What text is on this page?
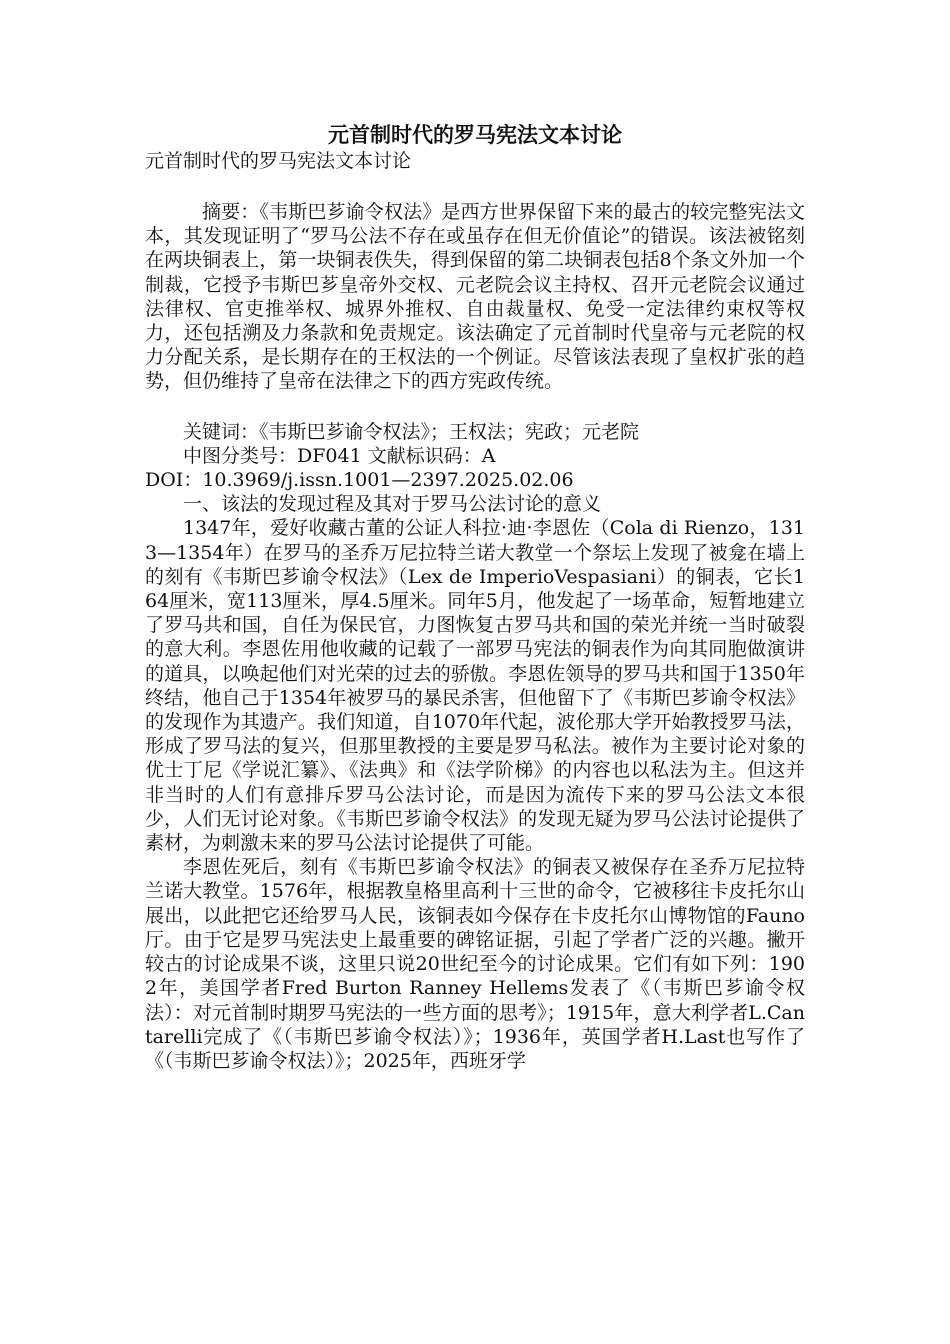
元首制时代的罗马宪法文本讨论
元首制时代的罗马宪法文本讨论

摘要：《韦斯巴芗谕令权法》是西方世界保留下来的最古的较完整宪法文本，其发现证明了“罗马公法不存在或虽存在但无价值论”的错误。该法被铭刻在两块铜表上，第一块铜表佚失，得到保留的第二块铜表包括8个条文外加一个制裁，它授予韦斯巴芗皇帝外交权、元老院会议主持权、召开元老院会议通过法律权、官吏推举权、城界外推权、自由裁量权、免受一定法律约束权等权力，还包括溯及力条款和免责规定。该法确定了元首制时代皇帝与元老院的权力分配关系，是长期存在的王权法的一个例证。尽管该法表现了皇权扩张的趋势，但仍维持了皇帝在法律之下的西方宪政传统。

关键词：《韦斯巴芗谕令权法》；王权法；宪政；元老院

中图分类号：DF041 文献标识码：A

DOI：10.3969/j.issn.1001—2397.2025.02.06

一、该法的发现过程及其对于罗马公法讨论的意义

1347年，爱好收藏古董的公证人科拉·迪·李恩佐（Cola di Rienzo，1313—1354年）在罗马的圣乔万尼拉特兰诺大教堂一个祭坛上发现了被龛在墙上的刻有《韦斯巴芗谕令权法》（Lex de ImperioVespasiani）的铜表，它长164厘米，宽113厘米，厚4.5厘米。同年5月，他发起了一场革命，短暂地建立了罗马共和国，自任为保民官，力图恢复古罗马共和国的荣光并统一当时破裂的意大利。李恩佐用他收藏的记载了一部罗马宪法的铜表作为向其同胞做演讲的道具，以唤起他们对光荣的过去的骄傲。李恩佐领导的罗马共和国于1350年终结，他自己于1354年被罗马的暴民杀害，但他留下了《韦斯巴芗谕令权法》的发现作为其遗产。我们知道，自1070年代起，波伦那大学开始教授罗马法，形成了罗马法的复兴，但那里教授的主要是罗马私法。被作为主要讨论对象的优士丁尼《学说汇纂》、《法典》和《法学阶梯》的内容也以私法为主。但这并非当时的人们有意排斥罗马公法讨论，而是因为流传下来的罗马公法文本很少，人们无讨论对象。《韦斯巴芗谕令权法》的发现无疑为罗马公法讨论提供了素材，为刺激未来的罗马公法讨论提供了可能。

李恩佐死后，刻有《韦斯巴芗谕令权法》的铜表又被保存在圣乔万尼拉特兰诺大教堂。1576年，根据教皇格里高利十三世的命令，它被移往卡皮托尔山展出，以此把它还给罗马人民，该铜表如今保存在卡皮托尔山博物馆的Fauno厅。由于它是罗马宪法史上最重要的碑铭证据，引起了学者广泛的兴趣。撇开较古的讨论成果不谈，这里只说20世纪至今的讨论成果。它们有如下列：1902年，美国学者Fred Burton Ranney Hellems发表了《（韦斯巴芗谕令权法）：对元首制时期罗马宪法的一些方面的思考》；1915年，意大利学者L.Cantarelli完成了《（韦斯巴芗谕令权法）》；1936年，英国学者H.Last也写作了《（韦斯巴芗谕令权法）》；2025年，西班牙学
